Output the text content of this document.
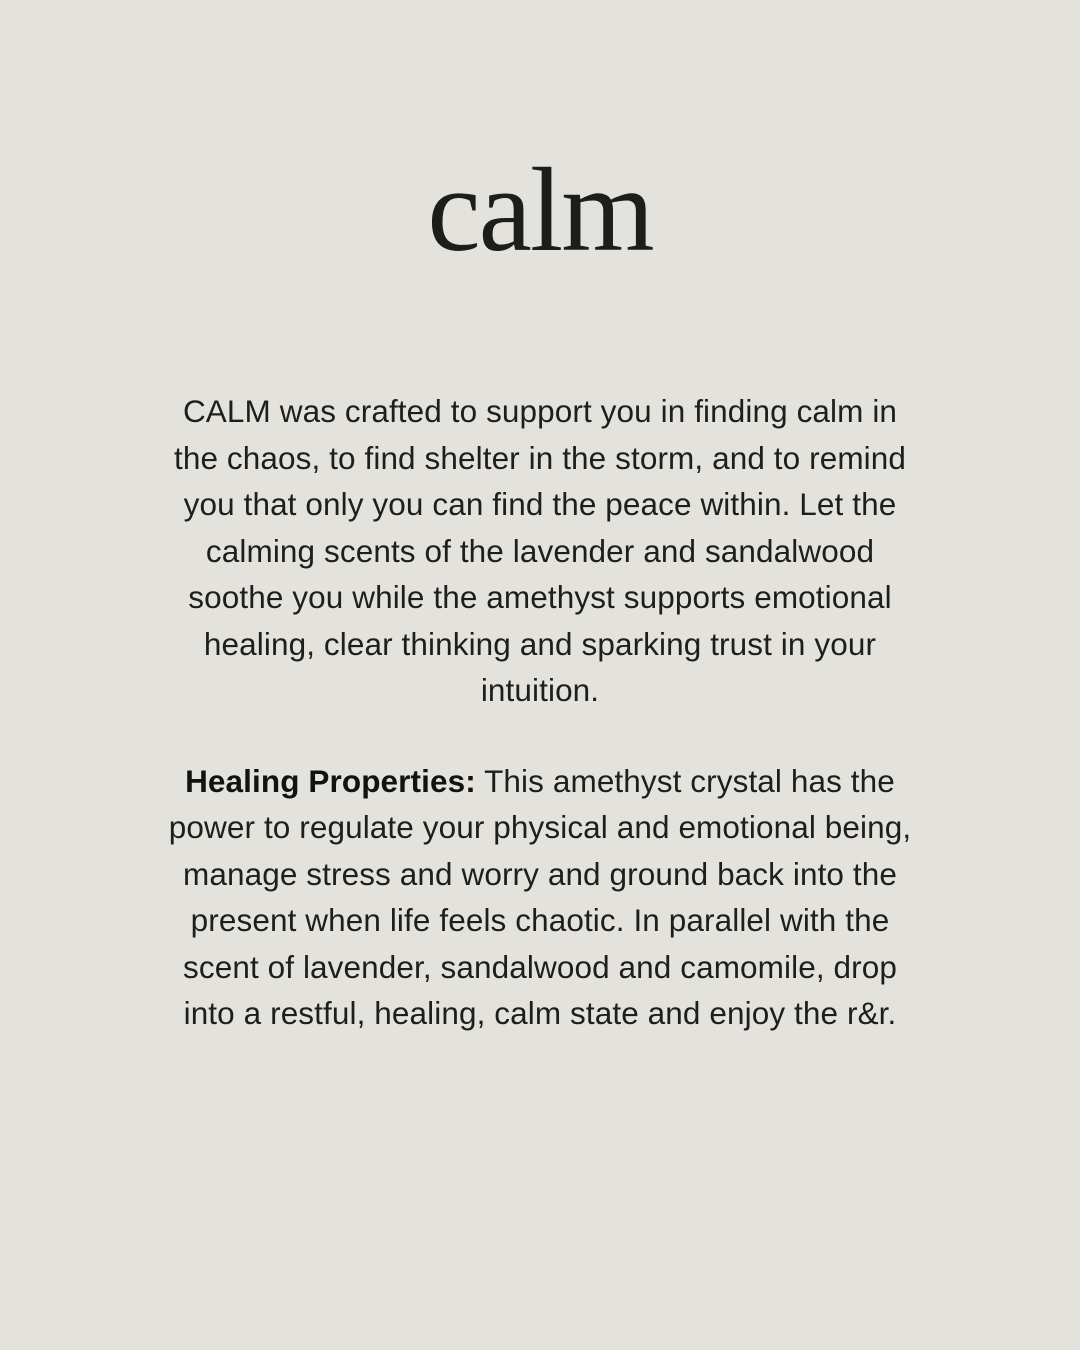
calm
CALM was crafted to support you in finding calm in the chaos, to find shelter in the storm, and to remind you that only you can find the peace within. Let the calming scents of the lavender and sandalwood soothe you while the amethyst supports emotional healing, clear thinking and sparking trust in your intuition.
Healing Properties: This amethyst crystal has the power to regulate your physical and emotional being, manage stress and worry and ground back into the present when life feels chaotic. In parallel with the scent of lavender, sandalwood and camomile, drop into a restful, healing, calm state and enjoy the r&r.
